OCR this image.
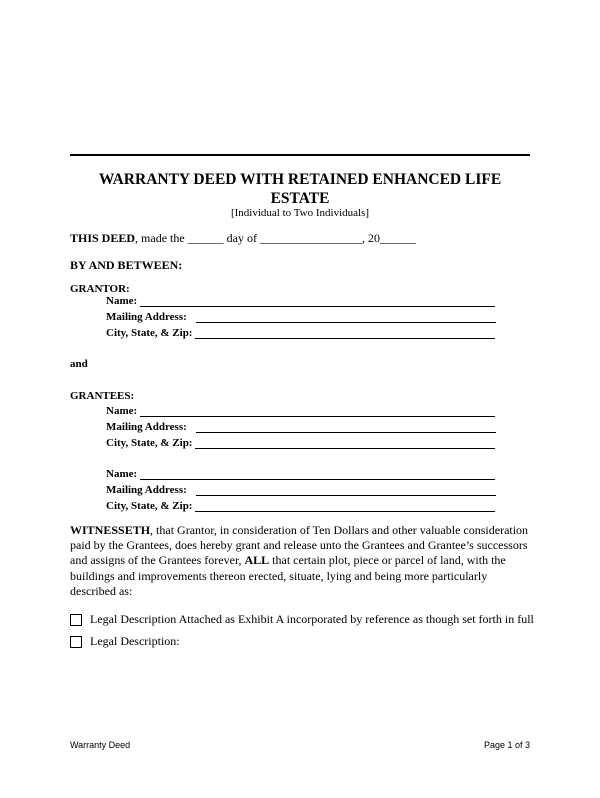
WARRANTY DEED WITH RETAINED ENHANCED LIFE ESTATE
[Individual to Two Individuals]
THIS DEED, made the ______ day of _________________, 20______
BY AND BETWEEN:
GRANTOR:
Name:
Mailing Address:
City, State, & Zip:
and
GRANTEES:
Name:
Mailing Address:
City, State, & Zip:
Name:
Mailing Address:
City, State, & Zip:
WITNESSETH, that Grantor, in consideration of Ten Dollars and other valuable consideration paid by the Grantees, does hereby grant and release unto the Grantees and Grantee’s successors and assigns of the Grantees forever, ALL that certain plot, piece or parcel of land, with the buildings and improvements thereon erected, situate, lying and being more particularly described as:
Legal Description Attached as Exhibit A incorporated by reference as though set forth in full
Legal Description:
Warranty Deed	Page 1 of 3
